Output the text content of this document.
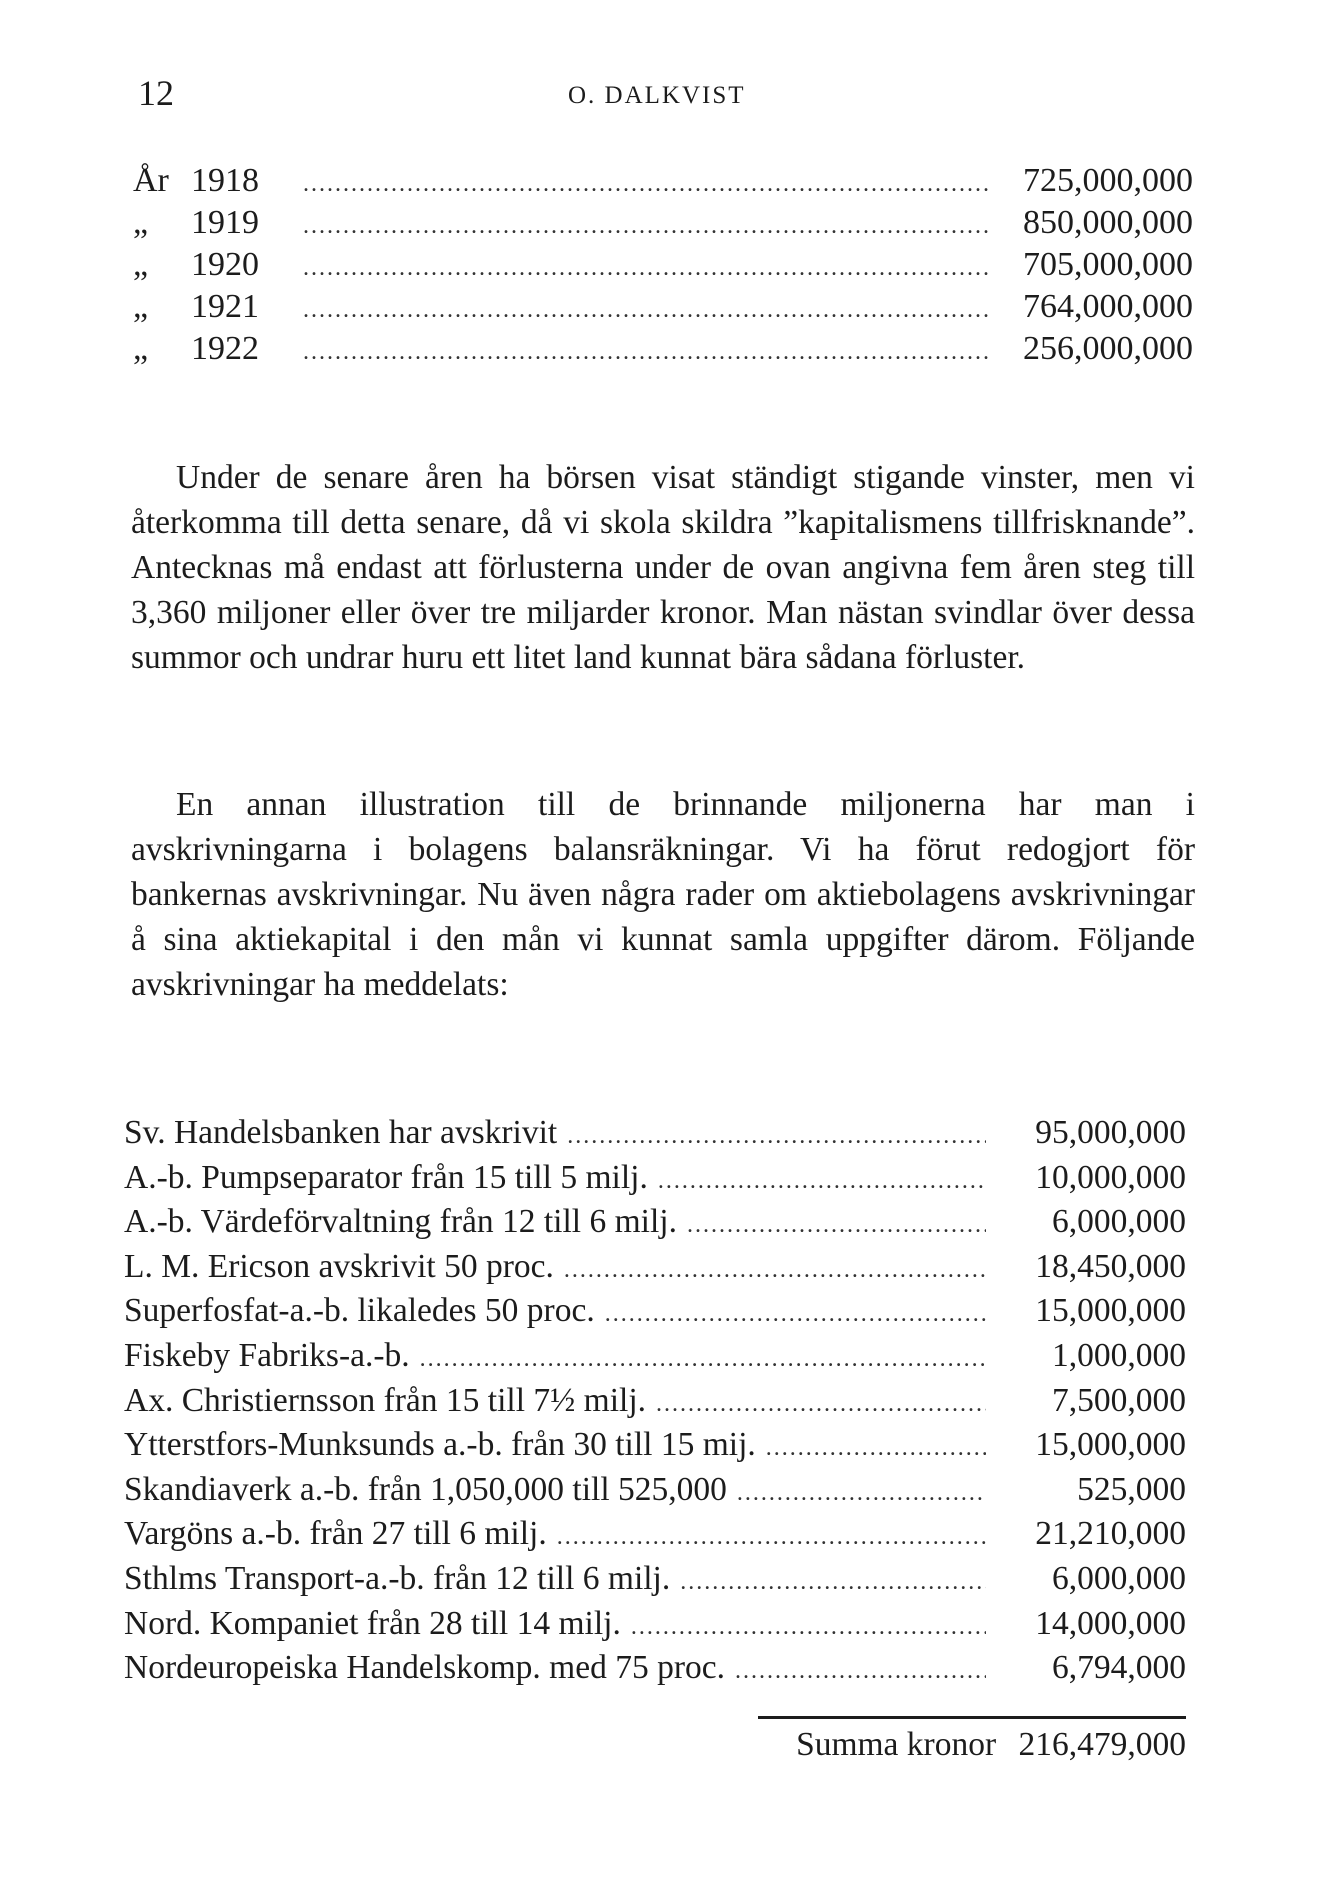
12	O. DALKVIST
År 1918 .....	725,000,000
„	1919 .....	850,000,000
„	1920 .....	705,000,000
„	1921 .....	764,000,000
„	1922 .....	256,000,000

Under de senare åren ha börsen visat ständigt stigande vinster, men vi återkomma till detta senare, då vi skola skildra ”kapitalismens tillfrisknande”. Antecknas må endast att förlusterna under de ovan angivna fem åren steg till 3,360 miljoner eller över tre miljarder kronor. Man nästan svindlar över dessa summor och undrar huru ett litet land kunnat bära sådana förluster.

En annan illustration till de brinnande miljonerna har man i avskrivningarna i bolagens balansräkningar. Vi ha förut redogjort för bankernas avskrivningar. Nu även några rader om aktiebolagens avskrivningar å sina aktiekapital i den mån vi kunnat samla uppgifter därom. Följande avskrivningar ha meddelats:

Sv. Handelsbanken har avskrivit .....	95,000,000
A.-b. Pumpseparator från 15 till 5 milj. .....	10,000,000
A.-b. Värdeförvaltning från 12 till 6 milj. .....	6,000,000
L. M. Ericson avskrivit 50 proc. .....	18,450,000
Superfosfat-a.-b. likaledes 50 proc. .....	15,000,000
Fiskeby Fabriks-a.-b. .....	1,000,000
Ax. Christiernsson från 15 till 7½ milj. .....	7,500,000
Ytterstfors-Munksunds a.-b. från 30 till 15 mij. .....	15,000,000
Skandiaverk a.-b. från 1,050,000 till 525,000 .....	525,000
Vargöns a.-b. från 27 till 6 milj. .....	21,210,000
Sthlms Transport-a.-b. från 12 till 6 milj. .....	6,000,000
Nord. Kompaniet från 28 till 14 milj. .....	14,000,000
Nordeuropeiska Handelskomp. med 75 proc. .....	6,794,000
Summa kronor 216,479,000
